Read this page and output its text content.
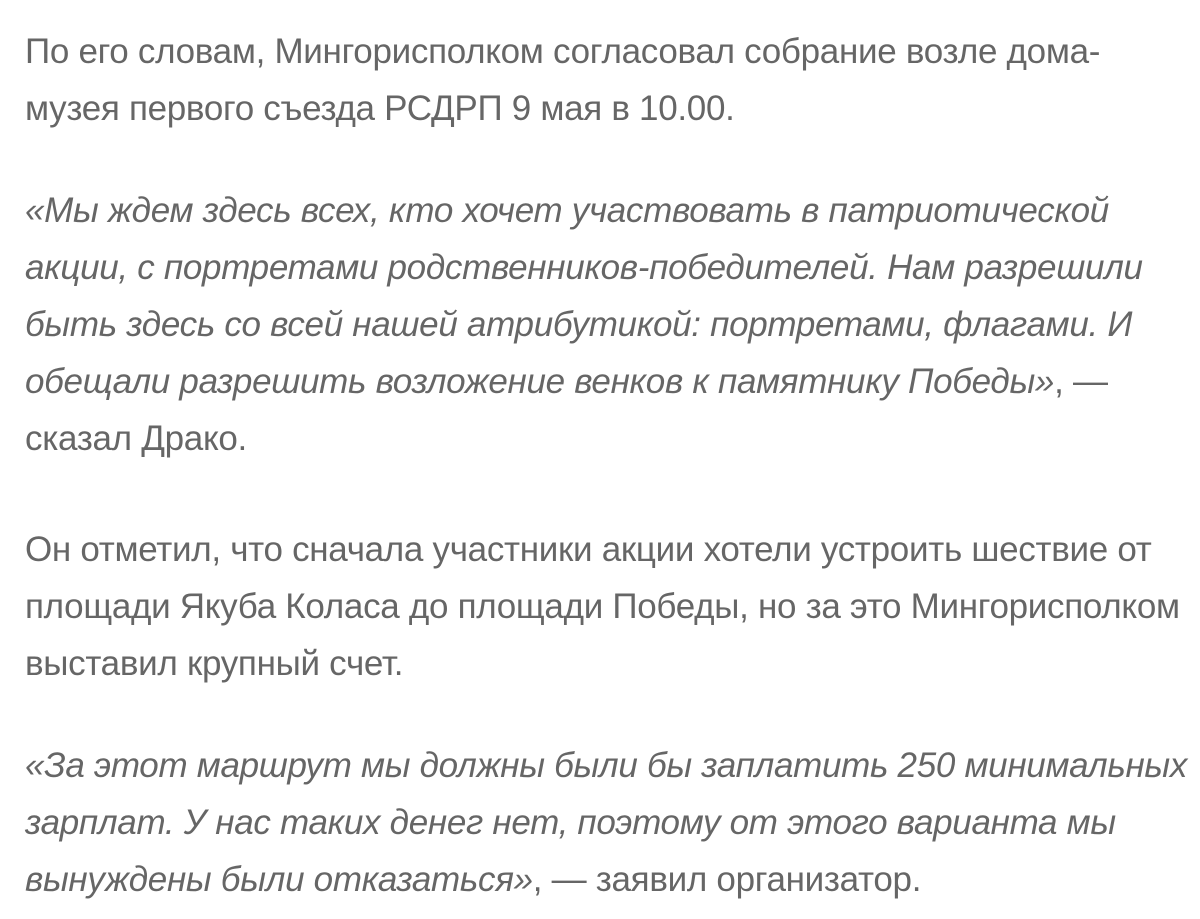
По его словам, Мингорисполком согласовал собрание возле дома-музея первого съезда РСДРП 9 мая в 10.00.

«Мы ждем здесь всех, кто хочет участвовать в патриотической акции, с портретами родственников-победителей. Нам разрешили быть здесь со всей нашей атрибутикой: портретами, флагами. И обещали разрешить возложение венков к памятнику Победы», — сказал Драко.

Он отметил, что сначала участники акции хотели устроить шествие от площади Якуба Коласа до площади Победы, но за это Мингорисполком выставил крупный счет.

«За этот маршрут мы должны были бы заплатить 250 минимальных зарплат. У нас таких денег нет, поэтому от этого варианта мы вынуждены были отказаться», — заявил организатор.
